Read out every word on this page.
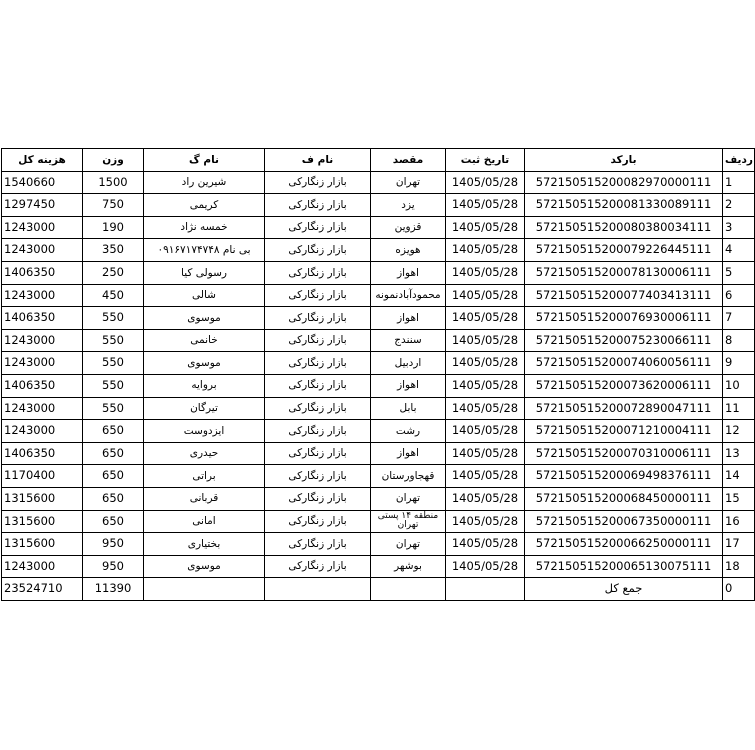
هزینه کل	وزن	نام گ	نام ف	مقصد	تاریخ ثبت	بارکد	ردیف
1540660	1500	شیرین راد	بازار زنگارکی	تهران	1405/05/28	572150515200082970000111	1
1297450	750	کریمی	بازار زنگارکی	یزد	1405/05/28	572150515200081330089111	2
1243000	190	خمسه نژاد	بازار زنگارکی	قزوین	1405/05/28	572150515200080380034111	3
1243000	350	بی نام ۰۹۱۶۷۱۷۴۷۴۸	بازار زنگارکی	هویزه	1405/05/28	572150515200079226445111	4
1406350	250	رسولی کیا	بازار زنگارکی	اهواز	1405/05/28	572150515200078130006111	5
1243000	450	شالی	بازار زنگارکی	محمودآبادنمونه	1405/05/28	572150515200077403413111	6
1406350	550	موسوی	بازار زنگارکی	اهواز	1405/05/28	572150515200076930006111	7
1243000	550	خانمی	بازار زنگارکی	سنندج	1405/05/28	572150515200075230066111	8
1243000	550	موسوی	بازار زنگارکی	اردبیل	1405/05/28	572150515200074060056111	9
1406350	550	بروایه	بازار زنگارکی	اهواز	1405/05/28	572150515200073620006111	10
1243000	550	تیرگان	بازار زنگارکی	بابل	1405/05/28	572150515200072890047111	11
1243000	650	ایزدوست	بازار زنگارکی	رشت	1405/05/28	572150515200071210004111	12
1406350	650	حیدری	بازار زنگارکی	اهواز	1405/05/28	572150515200070310006111	13
1170400	650	براتی	بازار زنگارکی	قهجاورستان	1405/05/28	572150515200069498376111	14
1315600	650	قربانی	بازار زنگارکی	تهران	1405/05/28	572150515200068450000111	15
1315600	650	امانی	بازار زنگارکی	منطقه ۱۴ پستی تهران	1405/05/28	572150515200067350000111	16
1315600	950	بختیاری	بازار زنگارکی	تهران	1405/05/28	572150515200066250000111	17
1243000	950	موسوی	بازار زنگارکی	بوشهر	1405/05/28	572150515200065130075111	18
23524710	11390					جمع کل	0
